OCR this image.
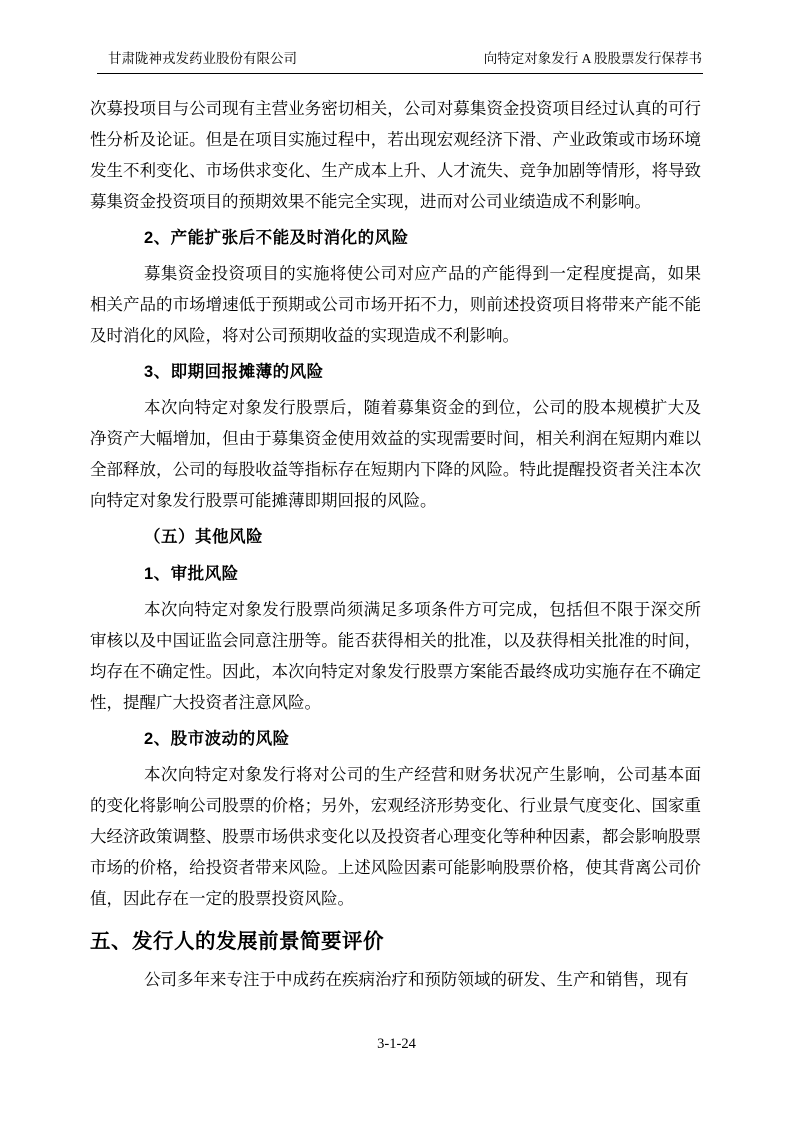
甘肃陇神戎发药业股份有限公司	向特定对象发行 A 股股票发行保荐书

次募投项目与公司现有主营业务密切相关，公司对募集资金投资项目经过认真的可行性分析及论证。但是在项目实施过程中，若出现宏观经济下滑、产业政策或市场环境发生不利变化、市场供求变化、生产成本上升、人才流失、竞争加剧等情形，将导致募集资金投资项目的预期效果不能完全实现，进而对公司业绩造成不利影响。

2、产能扩张后不能及时消化的风险

募集资金投资项目的实施将使公司对应产品的产能得到一定程度提高，如果相关产品的市场增速低于预期或公司市场开拓不力，则前述投资项目将带来产能不能及时消化的风险，将对公司预期收益的实现造成不利影响。

3、即期回报摊薄的风险

本次向特定对象发行股票后，随着募集资金的到位，公司的股本规模扩大及净资产大幅增加，但由于募集资金使用效益的实现需要时间，相关利润在短期内难以全部释放，公司的每股收益等指标存在短期内下降的风险。特此提醒投资者关注本次向特定对象发行股票可能摊薄即期回报的风险。

（五）其他风险
1、审批风险

本次向特定对象发行股票尚须满足多项条件方可完成，包括但不限于深交所审核以及中国证监会同意注册等。能否获得相关的批准，以及获得相关批准的时间，均存在不确定性。因此，本次向特定对象发行股票方案能否最终成功实施存在不确定性，提醒广大投资者注意风险。

2、股市波动的风险

本次向特定对象发行将对公司的生产经营和财务状况产生影响，公司基本面的变化将影响公司股票的价格；另外，宏观经济形势变化、行业景气度变化、国家重大经济政策调整、股票市场供求变化以及投资者心理变化等种种因素，都会影响股票市场的价格，给投资者带来风险。上述风险因素可能影响股票价格，使其背离公司价值，因此存在一定的股票投资风险。

五、发行人的发展前景简要评价

公司多年来专注于中成药在疾病治疗和预防领域的研发、生产和销售，现有

3-1-24
